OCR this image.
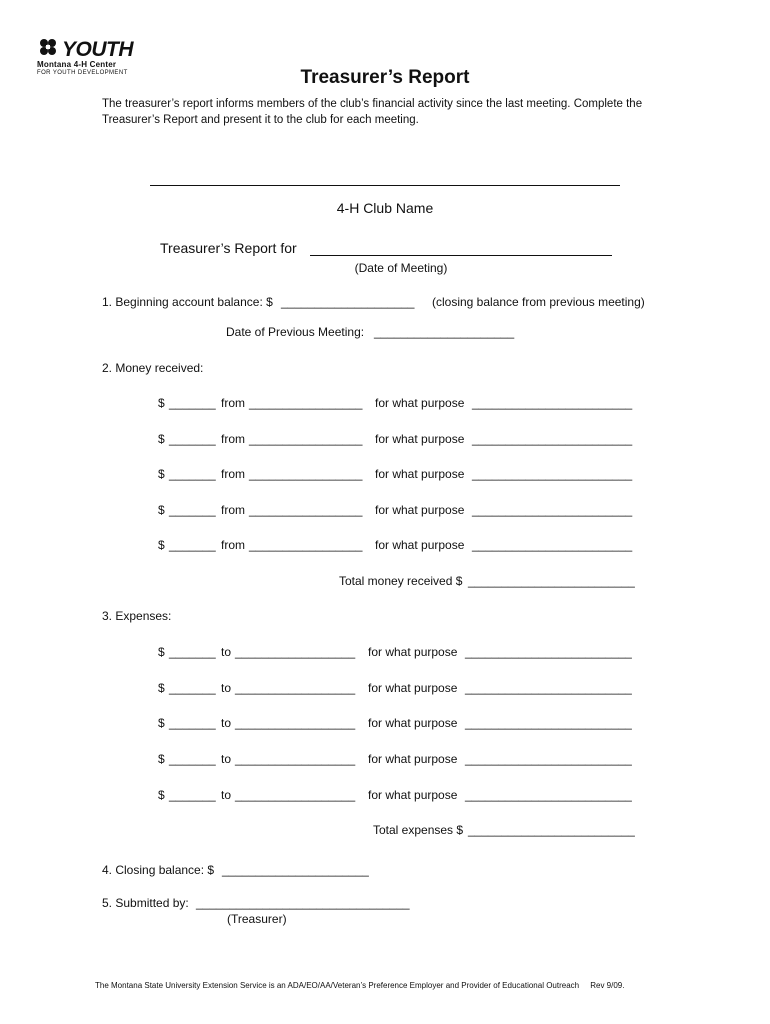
YOUTH
Montana 4-H Center
FOR YOUTH DEVELOPMENT	Treasurer’s Report
The treasurer’s report informs members of the club’s financial activity since the last meeting. Complete the Treasurer’s Report and present it to the club for each meeting.
4-H Club Name
Treasurer’s Report for
(Date of Meeting)
1. Beginning account balance: $ ____________________ (closing balance from previous meeting)
Date of Previous Meeting: _____________________
2. Money received:
$ _______ from _________________ for what purpose ________________________
$ _______ from _________________ for what purpose ________________________
$ _______ from _________________ for what purpose ________________________
$ _______ from _________________ for what purpose ________________________
$ _______ from _________________ for what purpose ________________________
Total money received $ _________________________
3. Expenses:
$ _______ to __________________ for what purpose _________________________
$ _______ to __________________ for what purpose _________________________
$ _______ to __________________ for what purpose _________________________
$ _______ to __________________ for what purpose _________________________
$ _______ to __________________ for what purpose _________________________
Total expenses $ _________________________
4. Closing balance: $ ______________________
5. Submitted by: ________________________________
(Treasurer)
The Montana State University Extension Service is an ADA/EO/AA/Veteran’s Preference Employer and Provider of Educational Outreach     Rev 9/09.
